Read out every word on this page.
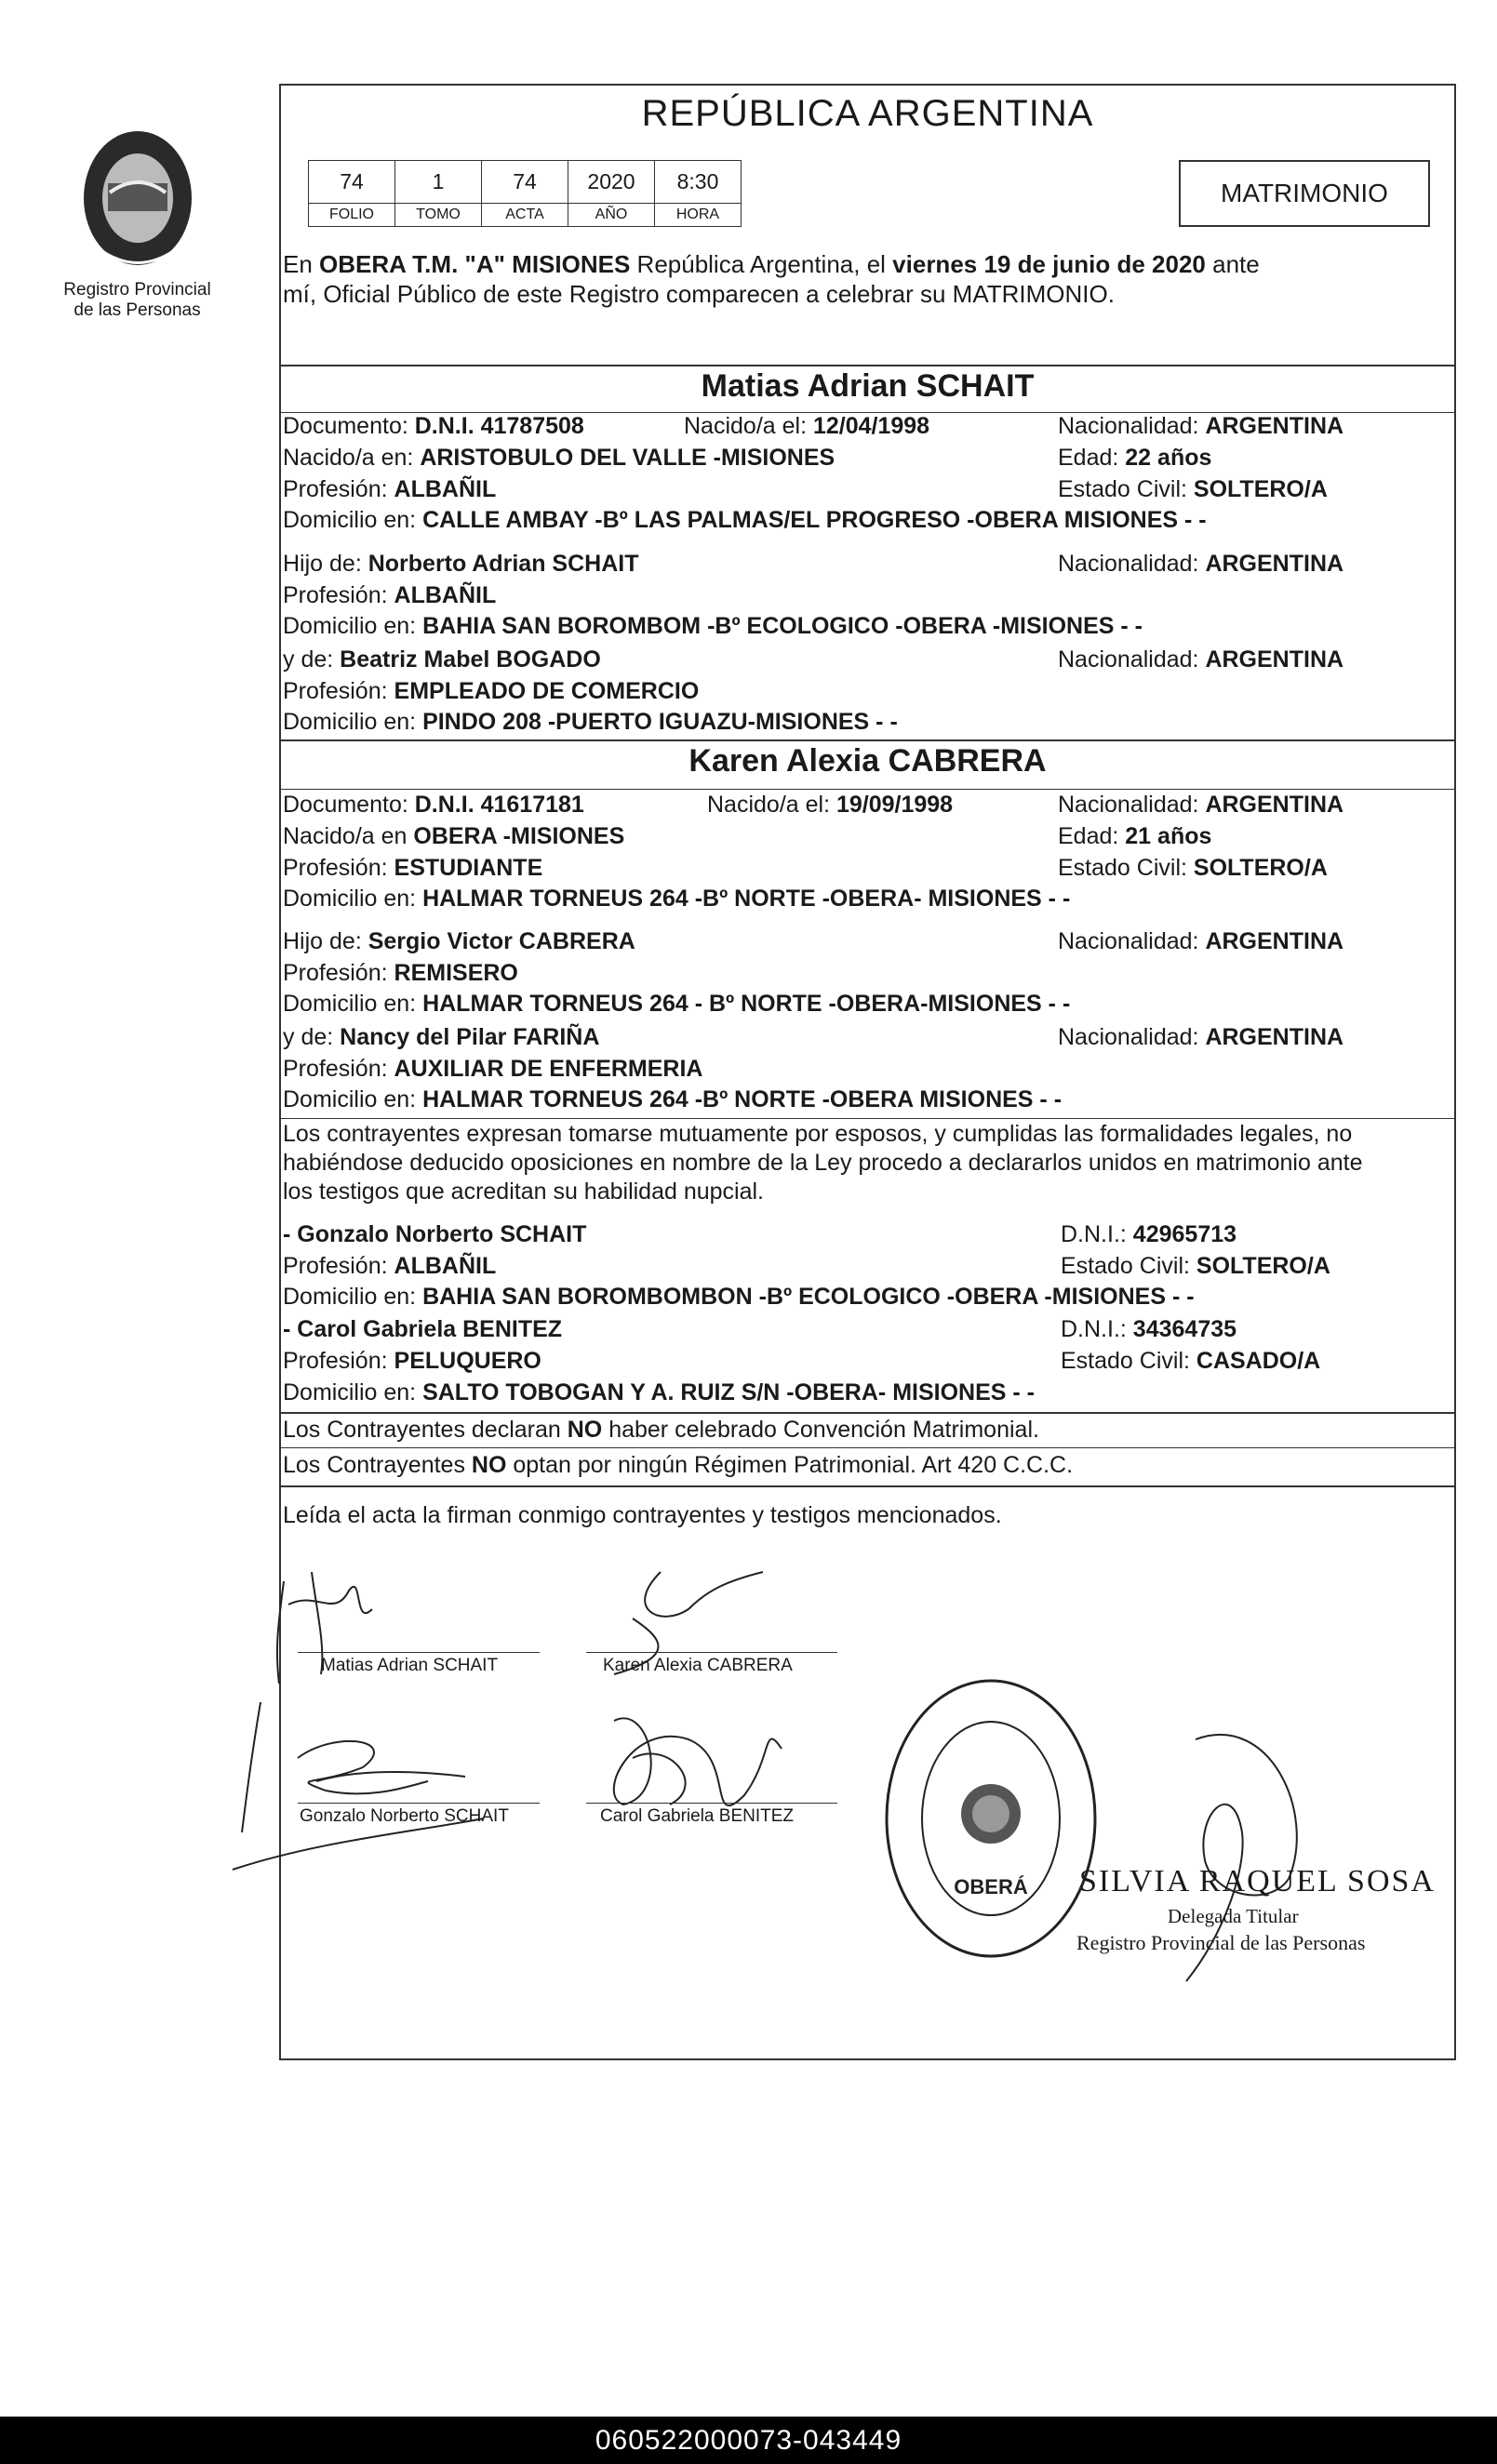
Registro Provincial
de las Personas
REPÚBLICA ARGENTINA
74	1	74	2020	8:30
FOLIO	TOMO	ACTA	AÑO	HORA
MATRIMONIO
En OBERA T.M. "A" MISIONES República Argentina, el viernes 19 de junio de 2020 ante
mí, Oficial Público de este Registro comparecen a celebrar su MATRIMONIO.
Matias Adrian SCHAIT
Documento: D.N.I. 41787508	Nacido/a el: 12/04/1998	Nacionalidad: ARGENTINA
Nacido/a en: ARISTOBULO DEL VALLE -MISIONES	Edad: 22 años
Profesión: ALBAÑIL	Estado Civil: SOLTERO/A
Domicilio en: CALLE AMBAY -Bº LAS PALMAS/EL PROGRESO -OBERA MISIONES - -
Hijo de: Norberto Adrian SCHAIT	Nacionalidad: ARGENTINA
Profesión: ALBAÑIL
Domicilio en: BAHIA SAN BOROMBOM -Bº ECOLOGICO -OBERA -MISIONES - -
y de: Beatriz Mabel BOGADO	Nacionalidad: ARGENTINA
Profesión: EMPLEADO DE COMERCIO
Domicilio en: PINDO 208 -PUERTO IGUAZU-MISIONES - -
Karen Alexia CABRERA
Documento: D.N.I. 41617181	Nacido/a el: 19/09/1998	Nacionalidad: ARGENTINA
Nacido/a en OBERA -MISIONES	Edad: 21 años
Profesión: ESTUDIANTE	Estado Civil: SOLTERO/A
Domicilio en: HALMAR TORNEUS 264 -Bº NORTE -OBERA- MISIONES - -
Hijo de: Sergio Victor CABRERA	Nacionalidad: ARGENTINA
Profesión: REMISERO
Domicilio en: HALMAR TORNEUS 264 - Bº NORTE -OBERA-MISIONES - -
y de: Nancy del Pilar FARIÑA	Nacionalidad: ARGENTINA
Profesión: AUXILIAR DE ENFERMERIA
Domicilio en: HALMAR TORNEUS 264 -Bº NORTE -OBERA MISIONES - -
Los contrayentes expresan tomarse mutuamente por esposos, y cumplidas las formalidades legales, no
habiéndose deducido oposiciones en nombre de la Ley procedo a declararlos unidos en matrimonio ante
los testigos que acreditan su habilidad nupcial.
- Gonzalo Norberto SCHAIT	D.N.I.: 42965713
Profesión: ALBAÑIL	Estado Civil: SOLTERO/A
Domicilio en: BAHIA SAN BOROMBOMBON -Bº ECOLOGICO -OBERA -MISIONES - -
- Carol Gabriela BENITEZ	D.N.I.: 34364735
Profesión: PELUQUERO	Estado Civil: CASADO/A
Domicilio en: SALTO TOBOGAN Y A. RUIZ S/N -OBERA- MISIONES - -
Los Contrayentes declaran NO haber celebrado Convención Matrimonial.
Los Contrayentes NO optan por ningún Régimen Patrimonial. Art 420 C.C.C.
Leída el acta la firman conmigo contrayentes y testigos mencionados.
Matias Adrian SCHAIT	Karen Alexia CABRERA
Gonzalo Norberto SCHAIT	Carol Gabriela BENITEZ
OBERÁ SILVIA RAQUEL SOSA
Delegada Titular
Registro Provincial de las Personas
060522000073-043449
